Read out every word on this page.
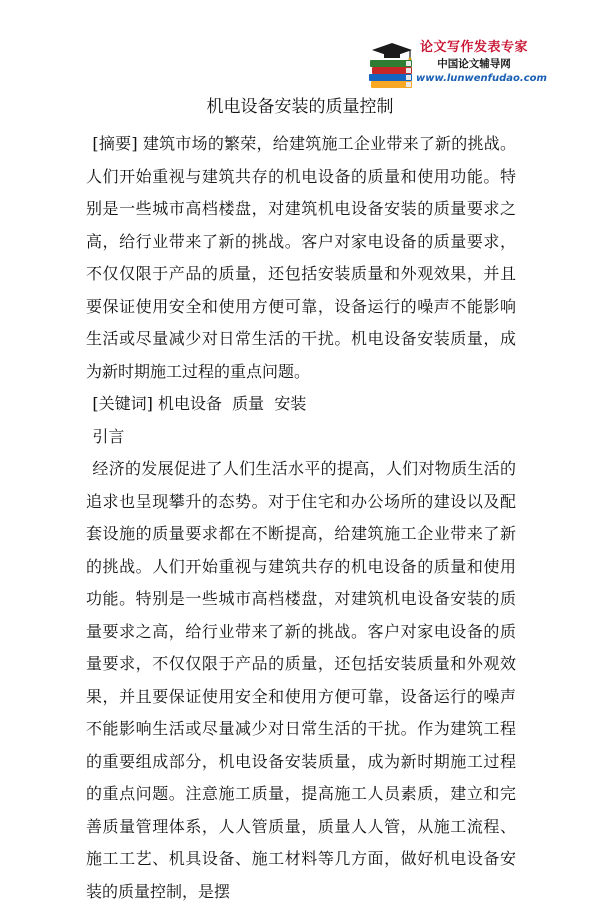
论文写作发表专家
中国论文辅导网
www.lunwenfudao.com
机电设备安装的质量控制

[摘要] 建筑市场的繁荣，给建筑施工企业带来了新的挑战。人们开始重视与建筑共存的机电设备的质量和使用功能。特别是一些城市高档楼盘，对建筑机电设备安装的质量要求之高，给行业带来了新的挑战。客户对家电设备的质量要求，不仅仅限于产品的质量，还包括安装质量和外观效果，并且要保证使用安全和使用方便可靠，设备运行的噪声不能影响生活或尽量减少对日常生活的干扰。机电设备安装质量，成为新时期施工过程的重点问题。

[关键词] 机电设备  质量  安装

引言

经济的发展促进了人们生活水平的提高，人们对物质生活的追求也呈现攀升的态势。对于住宅和办公场所的建设以及配套设施的质量要求都在不断提高，给建筑施工企业带来了新的挑战。人们开始重视与建筑共存的机电设备的质量和使用功能。特别是一些城市高档楼盘，对建筑机电设备安装的质量要求之高，给行业带来了新的挑战。客户对家电设备的质量要求，不仅仅限于产品的质量，还包括安装质量和外观效果，并且要保证使用安全和使用方便可靠，设备运行的噪声不能影响生活或尽量减少对日常生活的干扰。作为建筑工程的重要组成部分，机电设备安装质量，成为新时期施工过程的重点问题。注意施工质量，提高施工人员素质，建立和完善质量管理体系，人人管质量，质量人人管，从施工流程、施工工艺、机具设备、施工材料等几方面，做好机电设备安装的质量控制，是摆
